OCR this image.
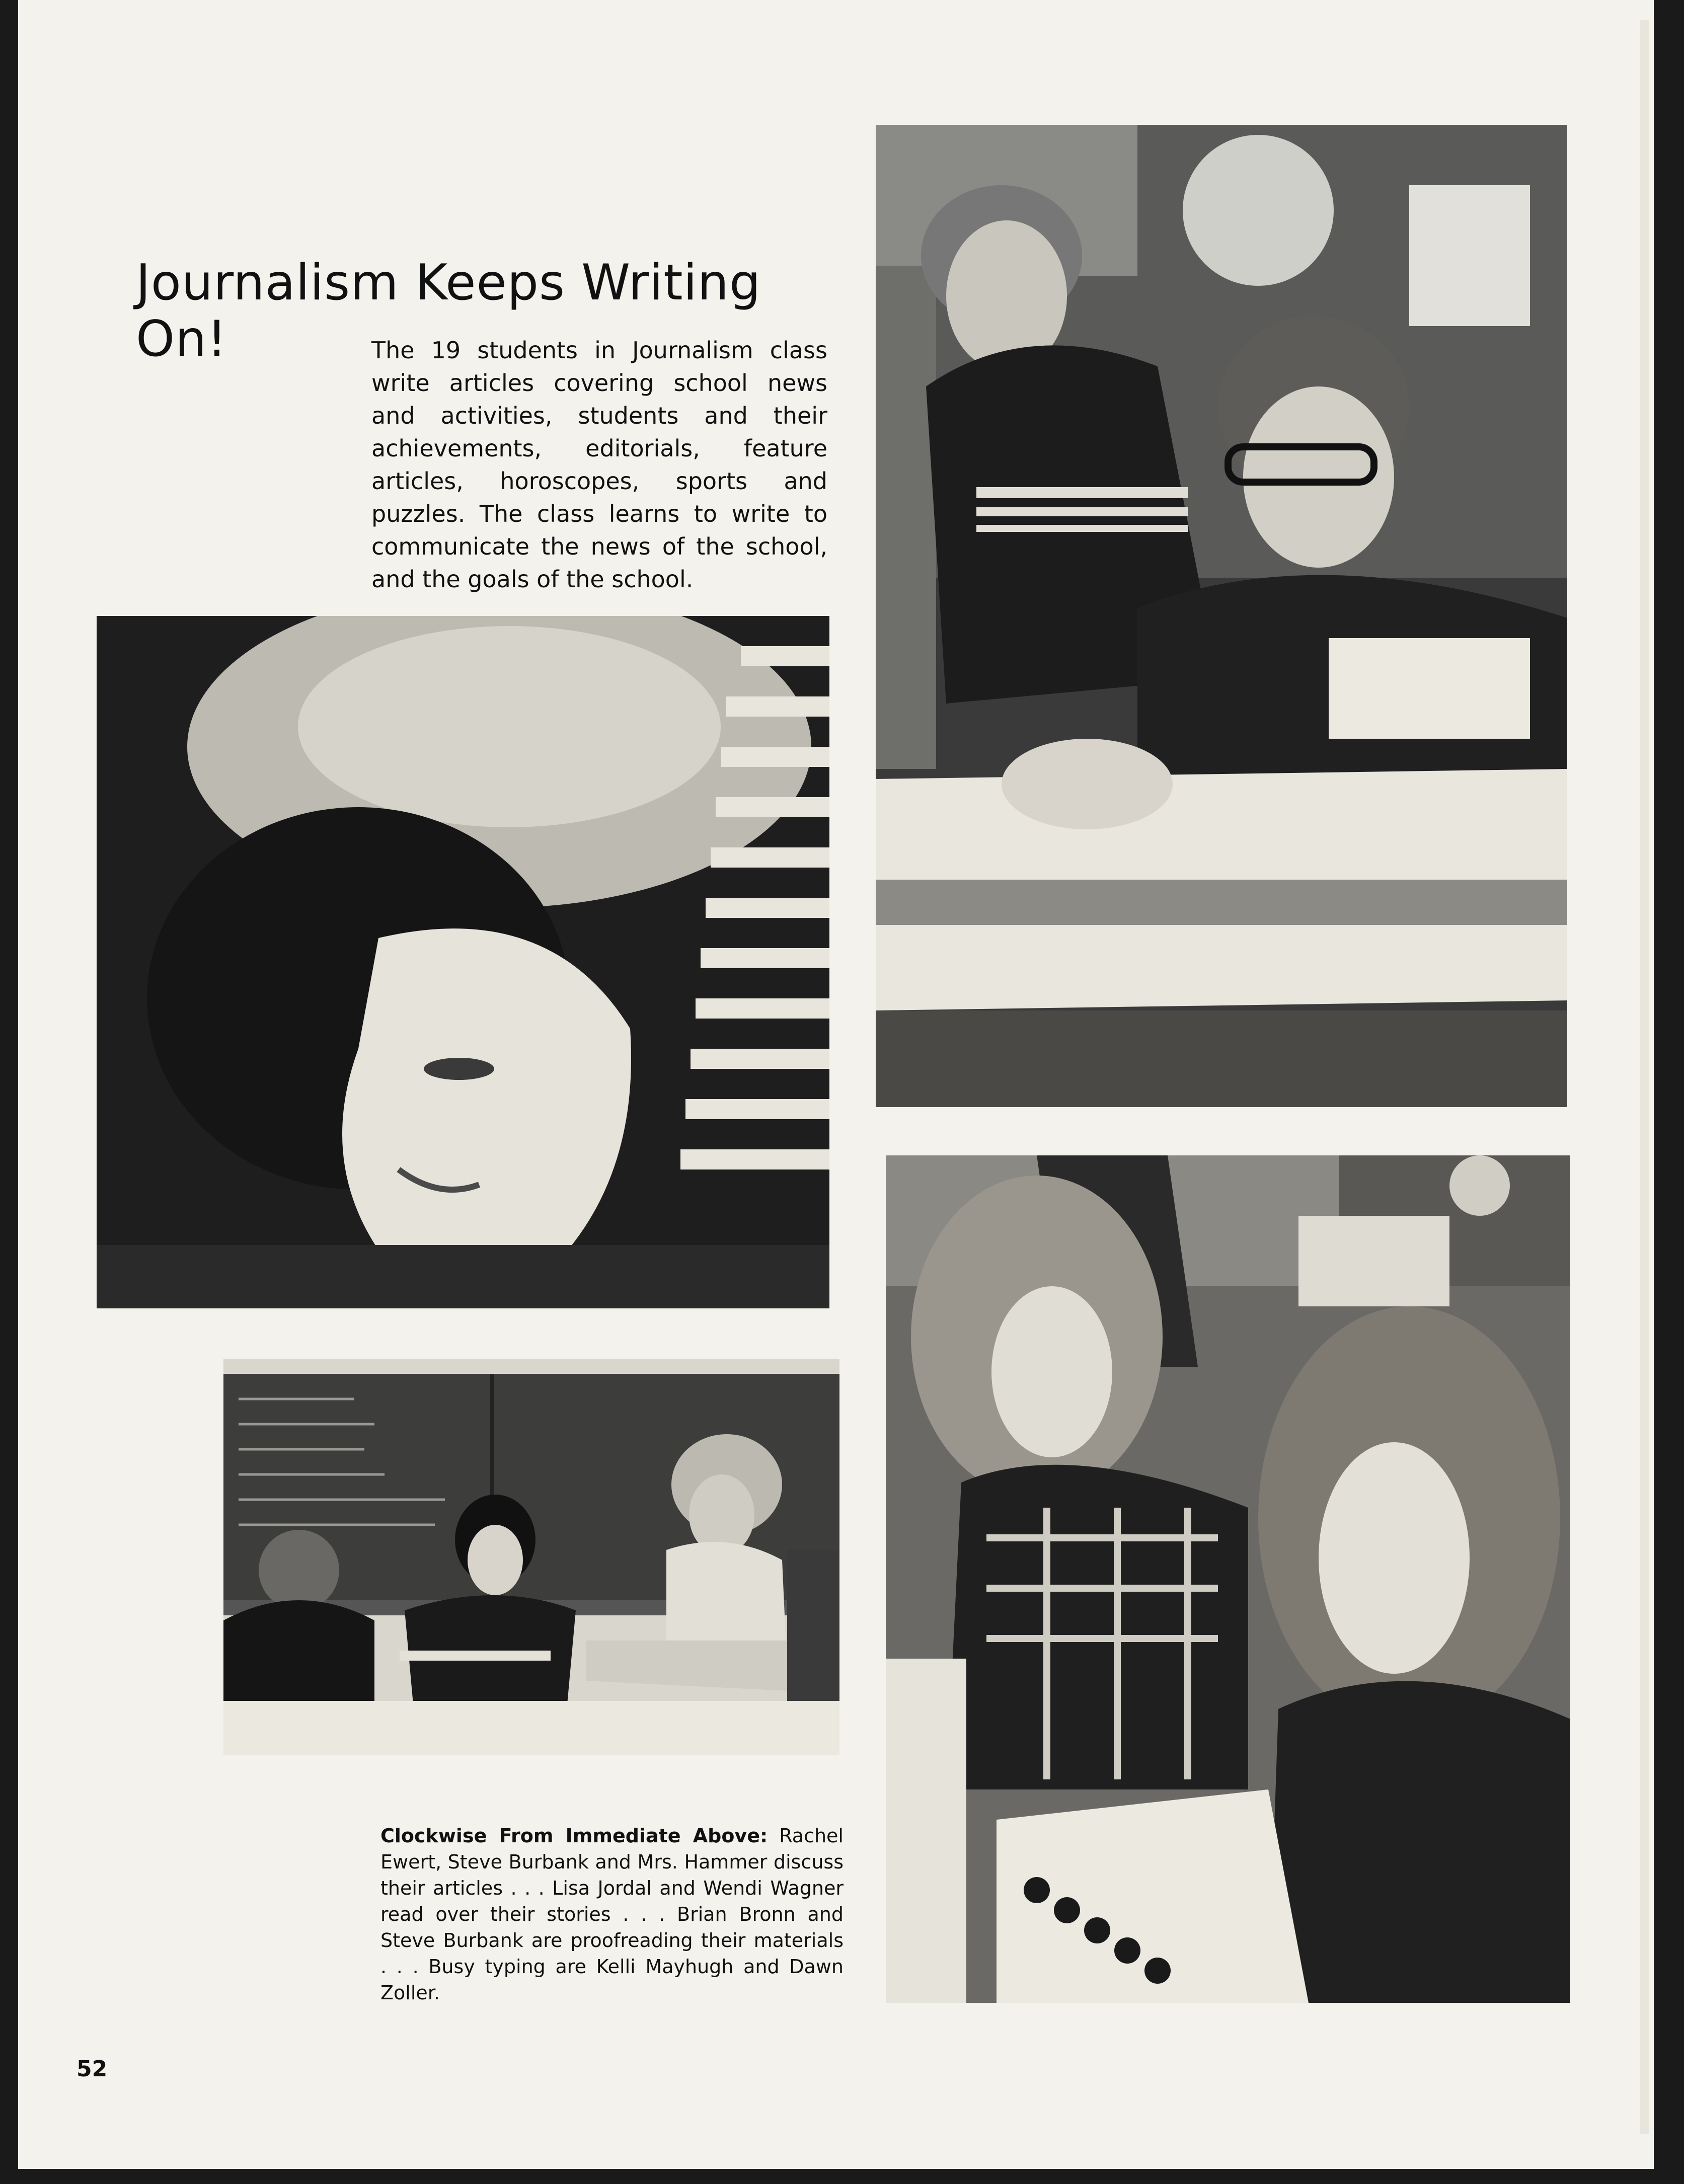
Journalism Keeps Writing On!	The 19 students in Journalism class write articles covering school news and activities, students and their achievements, editorials, feature articles, horoscopes, sports and puzzles. The class learns to write to communicate the news of the school, and the goals of the school.

Clockwise From Immediate Above: Rachel Ewert, Steve Burbank and Mrs. Hammer discuss their articles . . . Lisa Jordal and Wendi Wagner read over their stories . . . Brian Bronn and Steve Burbank are proofreading their materials . . . Busy typing are Kelli Mayhugh and Dawn Zoller.

52
